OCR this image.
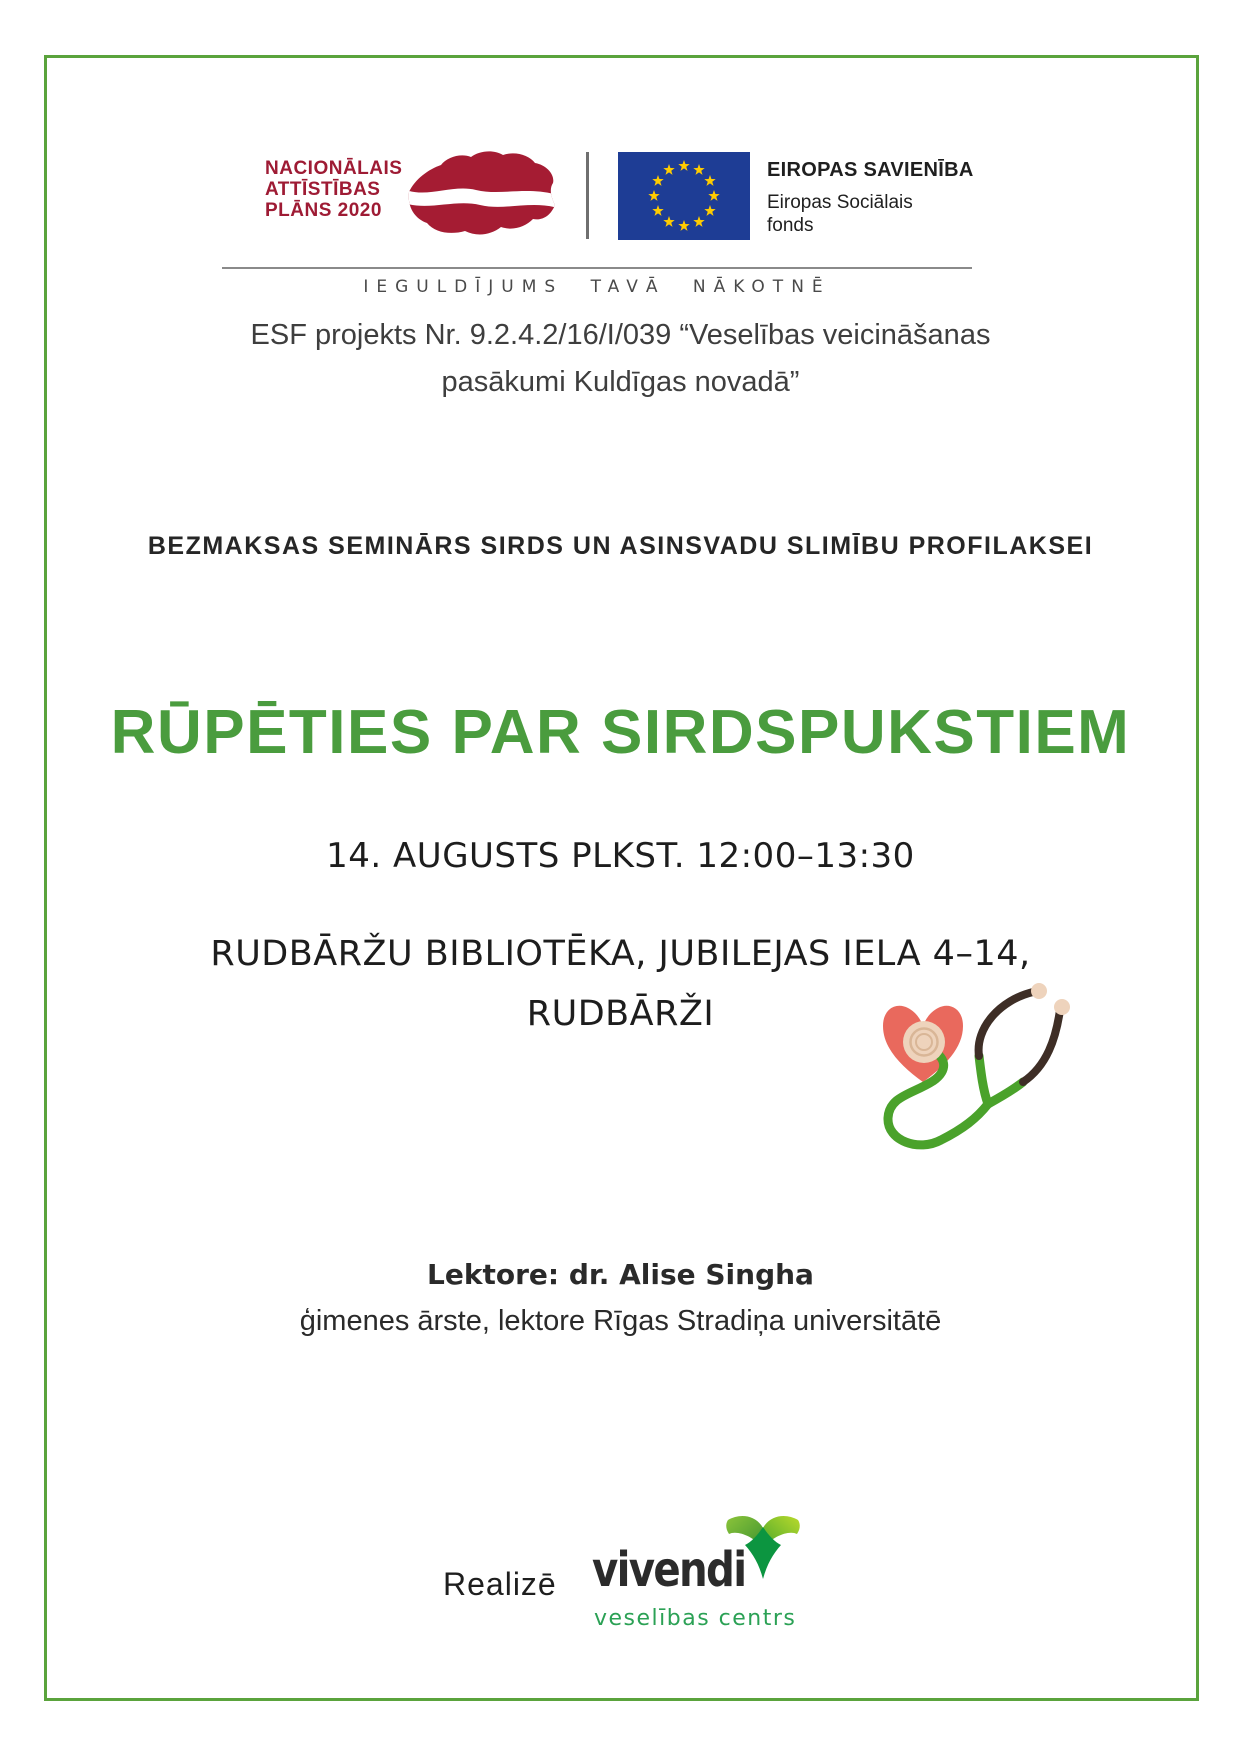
NACIONĀLAIS
ATTĪSTĪBAS
PLĀNS 2020
EIROPAS SAVIENĪBA
Eiropas Sociālais
fonds
IEGULDĪJUMS TAVĀ NĀKOTNĒ
ESF projekts Nr. 9.2.4.2/16/I/039 “Veselības veicināšanas
pasākumi Kuldīgas novadā”
BEZMAKSAS SEMINĀRS SIRDS UN ASINSVADU SLIMĪBU PROFILAKSEI
RŪPĒTIES PAR SIRDSPUKSTIEM
14. AUGUSTS PLKST. 12:00–13:30
RUDBĀRŽU BIBLIOTĒKA, JUBILEJAS IELA 4–14,
RUDBĀRŽI
Lektore: dr. Alise Singha
ģimenes ārste, lektore Rīgas Stradiņa universitātē
Realizē vivendi
veselības centrs
